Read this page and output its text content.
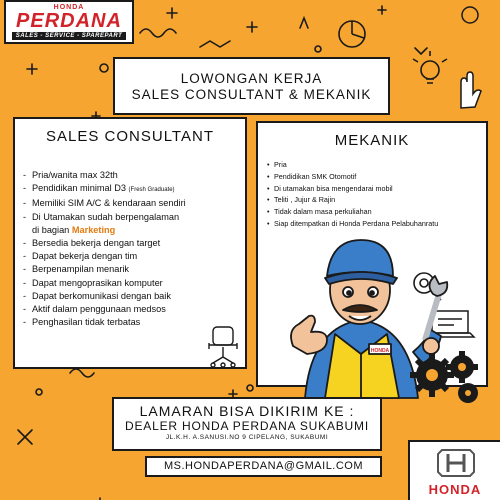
HONDA
PERDANA
SALES - SERVICE - SPAREPART
LOWONGAN KERJA
SALES CONSULTANT & MEKANIK
SALES CONSULTANT
- Pria/wanita max 32th
- Pendidikan minimal D3 (Fresh Graduate)
- Memiliki SIM A/C & kendaraan sendiri
- Di Utamakan sudah berpengalaman
di bagian Marketing
- Bersedia bekerja dengan target
- Dapat bekerja dengan tim
- Berpenampilan menarik
- Dapat mengoprasikan komputer
- Dapat berkomunikasi dengan baik
- Aktif dalam penggunaan medsos
- Penghasilan tidak terbatas
MEKANIK
• Pria
• Pendidikan SMK Otomotif
• Di utamakan bisa mengendarai mobil
• Teliti , Jujur & Rajin
• Tidak dalam masa perkuliahan
• Siap ditempatkan di Honda Perdana Pelabuhanratu
HONDA
LAMARAN BISA DIKIRIM KE :
DEALER HONDA PERDANA SUKABUMI
JL.K.H. A.SANUSI.NO 9 CIPELANG, SUKABUMI
MS.HONDAPERDANA@GMAIL.COM
HONDA
